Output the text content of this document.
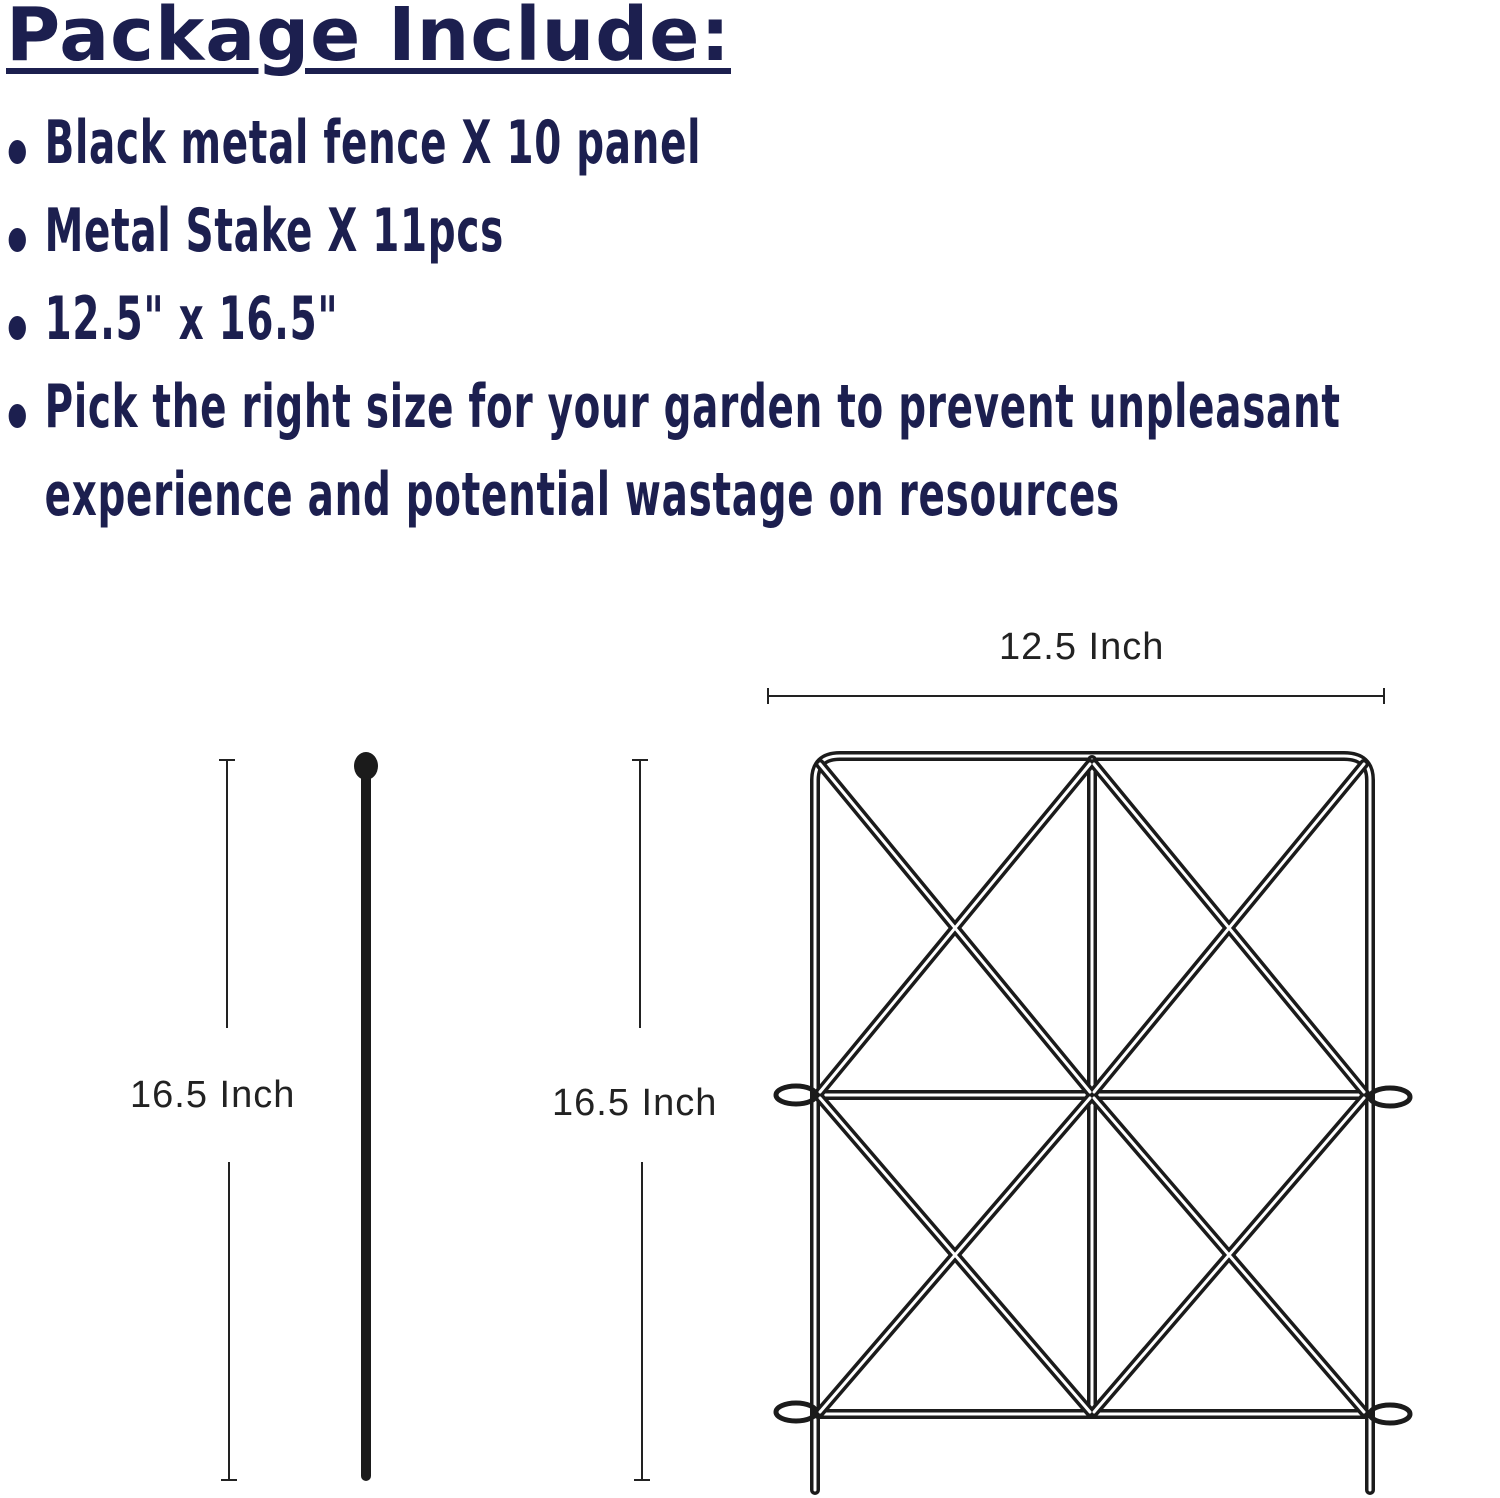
Package Include:
Black metal fence X 10 panel
Metal Stake X 11pcs
12.5" x 16.5"
Pick the right size for your garden to prevent unpleasant
experience and potential wastage on resources
16.5 Inch	16.5 Inch
12.5 Inch
